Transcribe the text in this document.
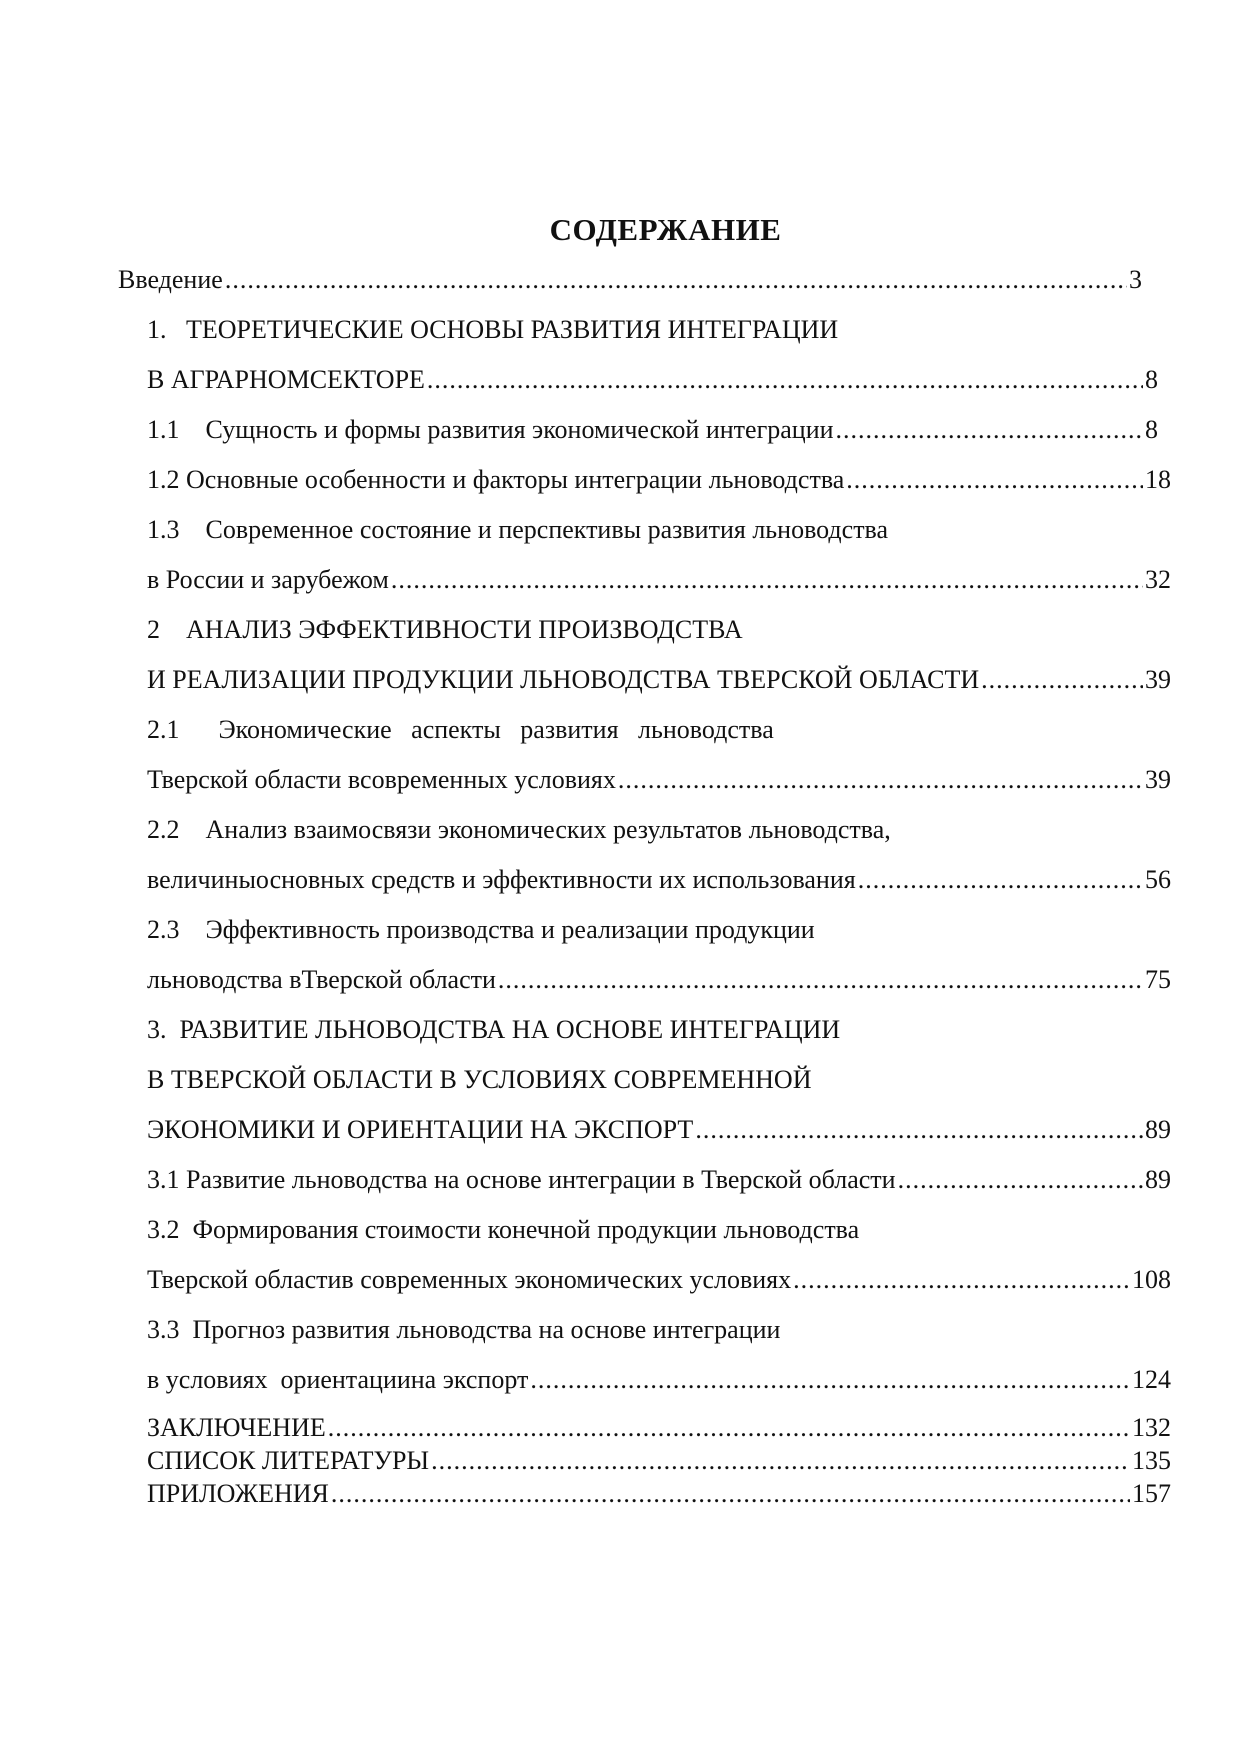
СОДЕРЖАНИЕ
Введение .....	3
1.   ТЕОРЕТИЧЕСКИЕ ОСНОВЫ РАЗВИТИЯ ИНТЕГРАЦИИ
В АГРАРНОМСЕКТОРЕ .....	8
1.1    Сущность и формы развития экономической интеграции .....	8
1.2 Основные особенности и факторы интеграции льноводства .....	18
1.3    Современное состояние и перспективы развития льноводства
в России и зарубежом .....	32
2    АНАЛИЗ ЭФФЕКТИВНОСТИ ПРОИЗВОДСТВА
И РЕАЛИЗАЦИИ ПРОДУКЦИИ ЛЬНОВОДСТВА ТВЕРСКОЙ ОБЛАСТИ .....	39
2.1      Экономические   аспекты   развития   льноводства
Тверской области всовременных условиях .....	39
2.2    Анализ взаимосвязи экономических результатов льноводства,
величиныосновных средств и эффективности их использования .....	56
2.3    Эффективность производства и реализации продукции
льноводства вТверской области .....	75
3.  РАЗВИТИЕ ЛЬНОВОДСТВА НА ОСНОВЕ ИНТЕГРАЦИИ
В ТВЕРСКОЙ ОБЛАСТИ В УСЛОВИЯХ СОВРЕМЕННОЙ
ЭКОНОМИКИ И ОРИЕНТАЦИИ НА ЭКСПОРТ .....	89
3.1 Развитие льноводства на основе интеграции в Тверской области .....	89
3.2  Формирования стоимости конечной продукции льноводства
Тверской областив современных экономических условиях .....	108
3.3  Прогноз развития льноводства на основе интеграции
в условиях  ориентациина экспорт .....	124
ЗАКЛЮЧЕНИЕ .....	132
СПИСОК ЛИТЕРАТУРЫ .....	135
ПРИЛОЖЕНИЯ .....	157
